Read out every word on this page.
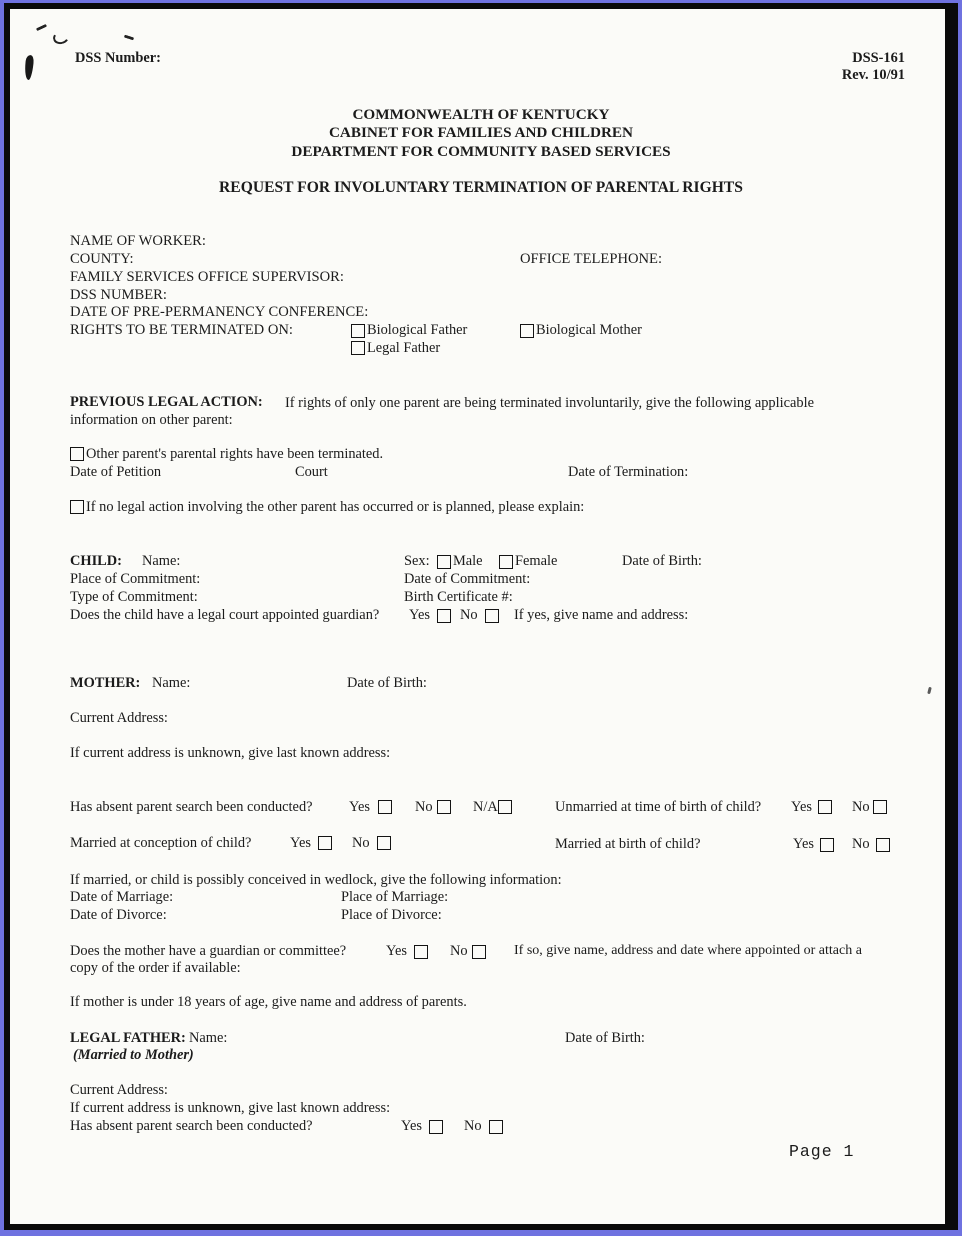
DSS Number:	DSS-161
Rev. 10/91
COMMONWEALTH OF KENTUCKY
CABINET FOR FAMILIES AND CHILDREN
DEPARTMENT FOR COMMUNITY BASED SERVICES
REQUEST FOR INVOLUNTARY TERMINATION OF PARENTAL RIGHTS
NAME OF WORKER:
COUNTY:	OFFICE TELEPHONE:
FAMILY SERVICES OFFICE SUPERVISOR:
DSS NUMBER:
DATE OF PRE-PERMANENCY CONFERENCE:
RIGHTS TO BE TERMINATED ON:	Biological Father	Biological Mother
Legal Father
PREVIOUS LEGAL ACTION: If rights of only one parent are being terminated involuntarily, give the following applicable
information on other parent:
Other parent's parental rights have been terminated.
Date of Petition	Court	Date of Termination:
If no legal action involving the other parent has occurred or is planned, please explain:
CHILD: Name:	Sex: Male Female	Date of Birth:
Place of Commitment:	Date of Commitment:
Type of Commitment:	Birth Certificate #:
Does the child have a legal court appointed guardian? Yes No	If yes, give name and address:
MOTHER: Name:	Date of Birth:
Current Address:
If current address is unknown, give last known address:
Has absent parent search been conducted?	Yes	No	N/A	Unmarried at time of birth of child? Yes	No
Married at conception of child?	Yes	No	Married at birth of child?	Yes	No
If married, or child is possibly conceived in wedlock, give the following information:
Date of Marriage:	Place of Marriage:
Date of Divorce:	Place of Divorce:
Does the mother have a guardian or committee?	Yes	No	If so, give name, address and date where appointed or attach a
copy of the order if available:
If mother is under 18 years of age, give name and address of parents.
LEGAL FATHER: Name:	Date of Birth:
(Married to Mother)
Current Address:
If current address is unknown, give last known address:
Has absent parent search been conducted?	Yes	No
Page 1
